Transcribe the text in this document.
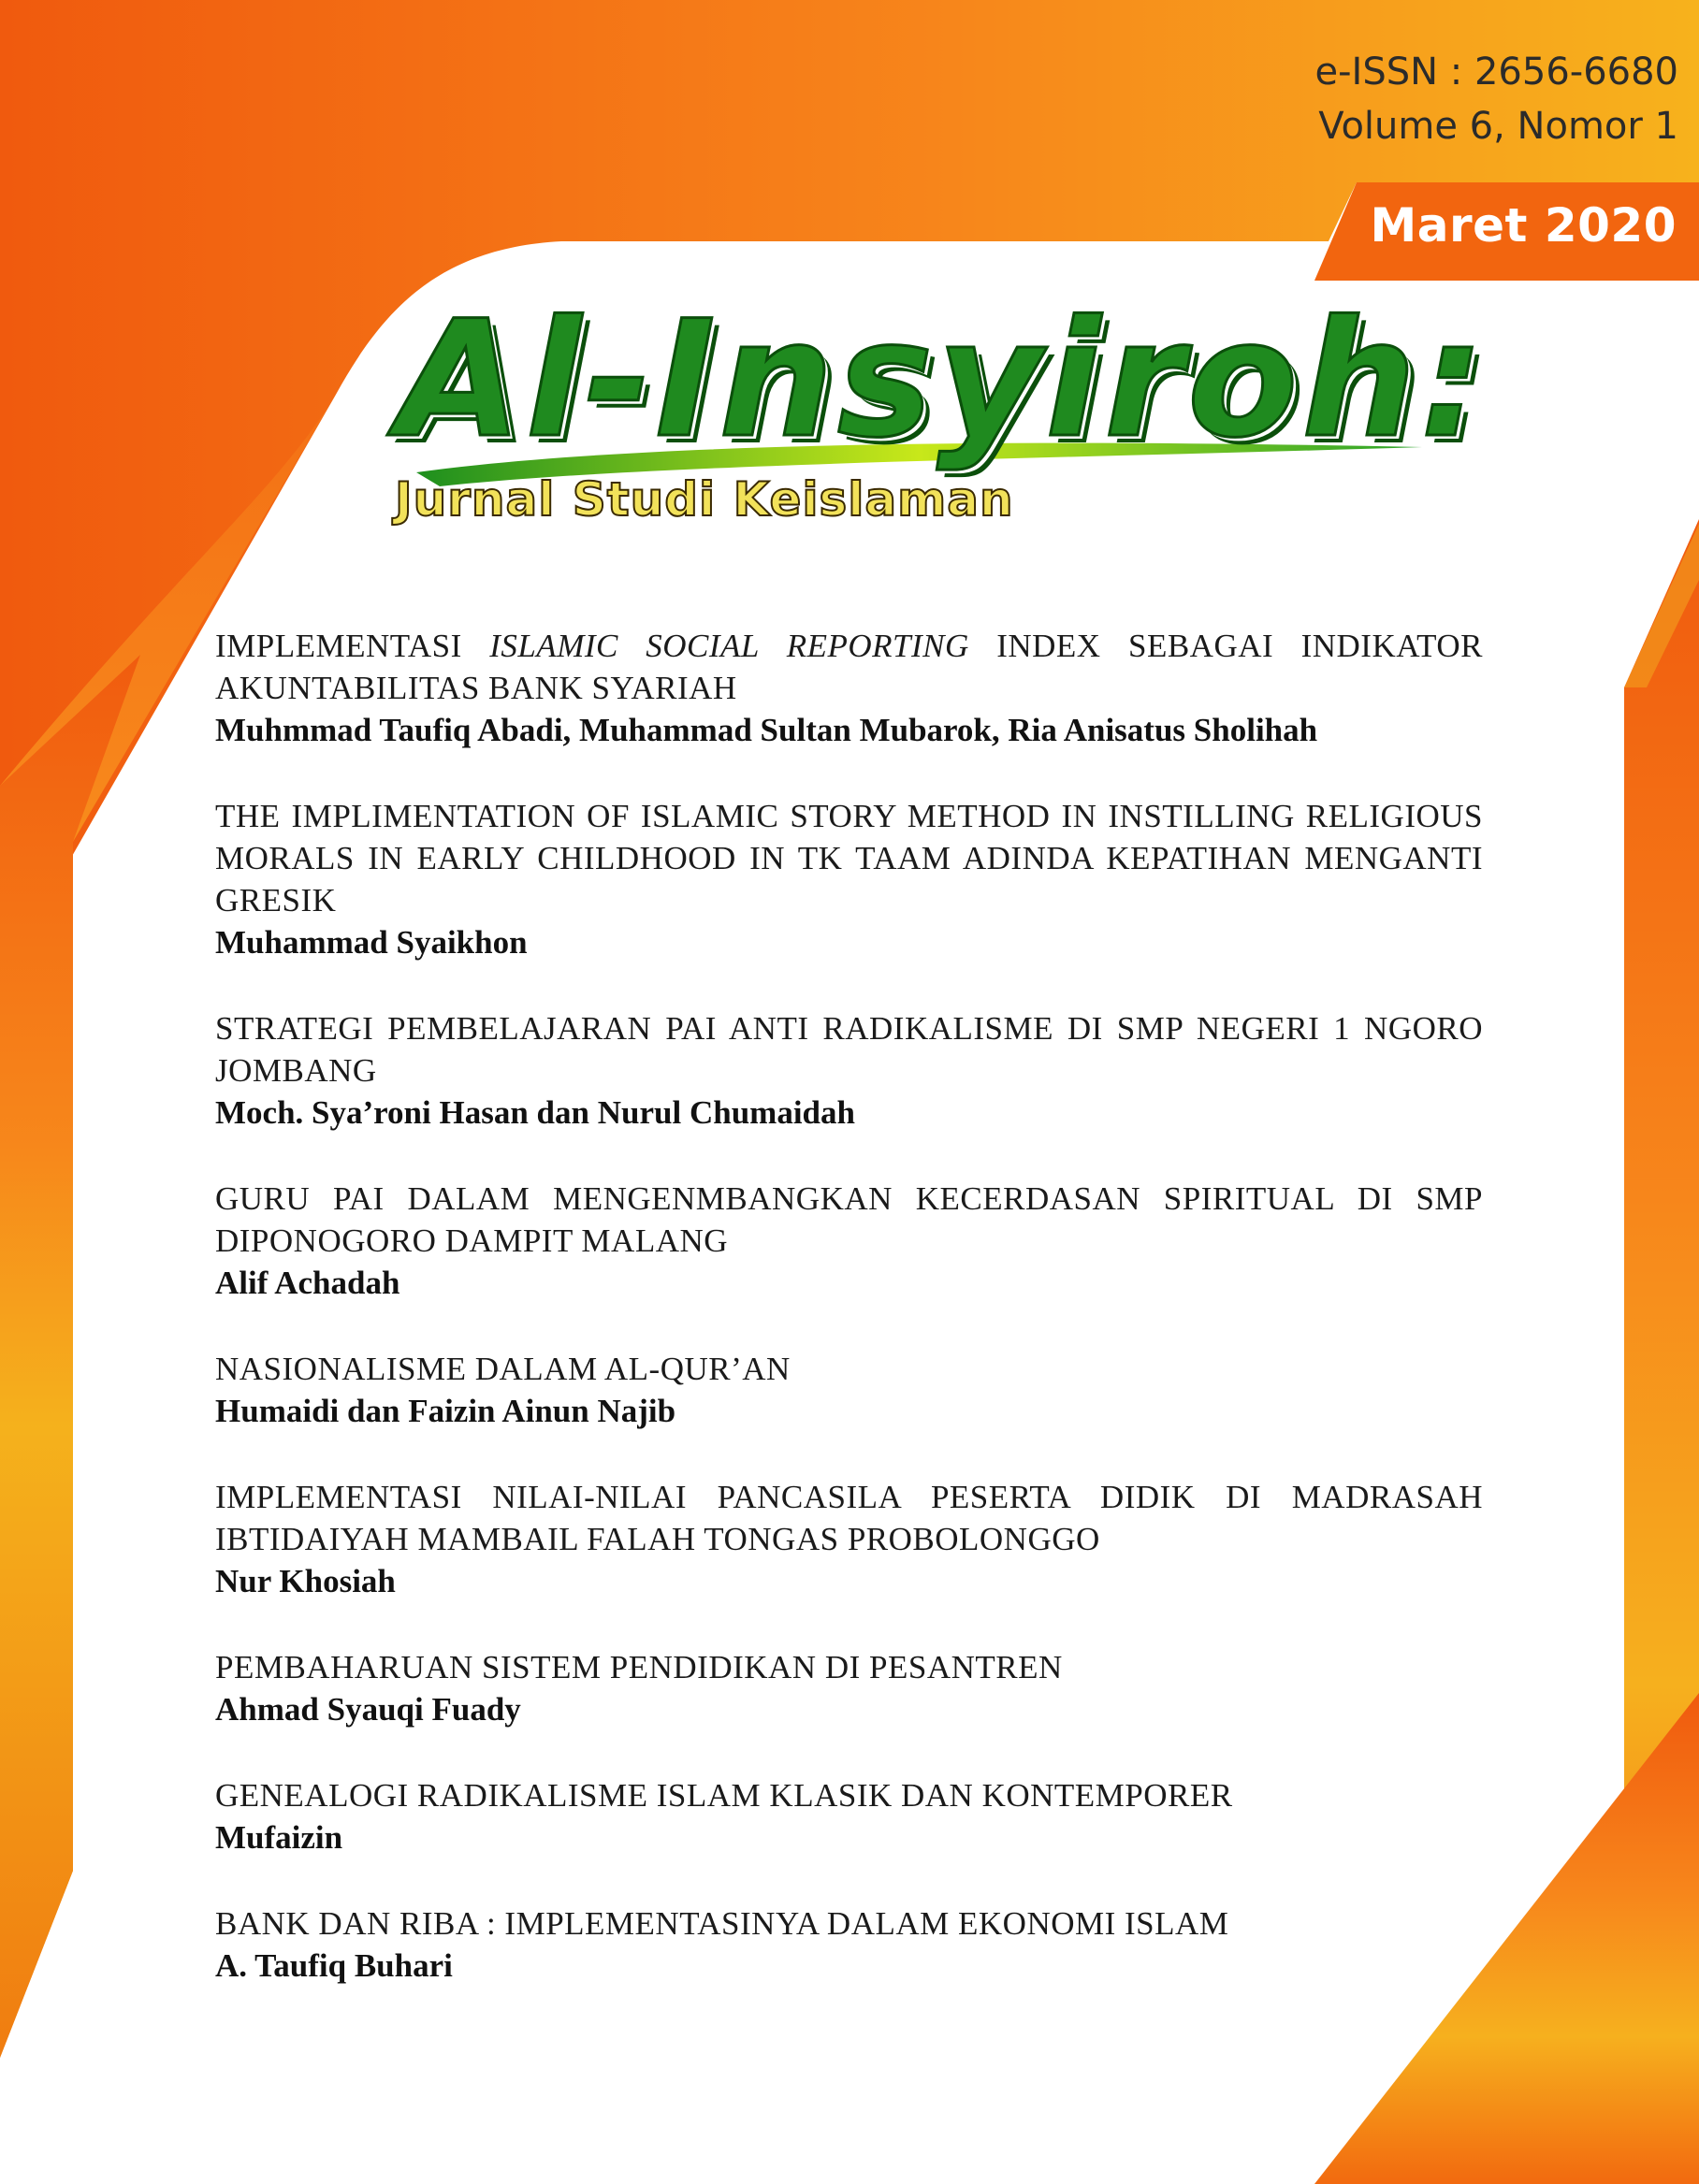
e-ISSN : 2656-6680
Volume 6, Nomor 1
Maret 2020
Al-Insyiroh:
Jurnal Studi Keislaman
IMPLEMENTASI ISLAMIC SOCIAL REPORTING INDEX SEBAGAI INDIKATOR AKUNTABILITAS BANK SYARIAH
Muhmmad Taufiq Abadi, Muhammad Sultan Mubarok, Ria Anisatus Sholihah
THE IMPLIMENTATION OF ISLAMIC STORY METHOD IN INSTILLING RELIGIOUS MORALS IN EARLY CHILDHOOD IN TK TAAM ADINDA KEPATIHAN MENGANTI GRESIK
Muhammad Syaikhon
STRATEGI PEMBELAJARAN PAI ANTI RADIKALISME DI SMP NEGERI 1 NGORO JOMBANG
Moch. Sya’roni Hasan dan Nurul Chumaidah
GURU PAI DALAM MENGENMBANGKAN KECERDASAN SPIRITUAL DI SMP DIPONOGORO DAMPIT MALANG
Alif Achadah
NASIONALISME DALAM AL-QUR’AN
Humaidi dan Faizin Ainun Najib
IMPLEMENTASI NILAI-NILAI PANCASILA PESERTA DIDIK DI MADRASAH IBTIDAIYAH MAMBAIL FALAH TONGAS PROBOLONGGO
Nur Khosiah
PEMBAHARUAN SISTEM PENDIDIKAN DI PESANTREN
Ahmad Syauqi Fuady
GENEALOGI RADIKALISME ISLAM KLASIK DAN KONTEMPORER
Mufaizin
BANK DAN RIBA : IMPLEMENTASINYA DALAM EKONOMI ISLAM
A. Taufiq Buhari
